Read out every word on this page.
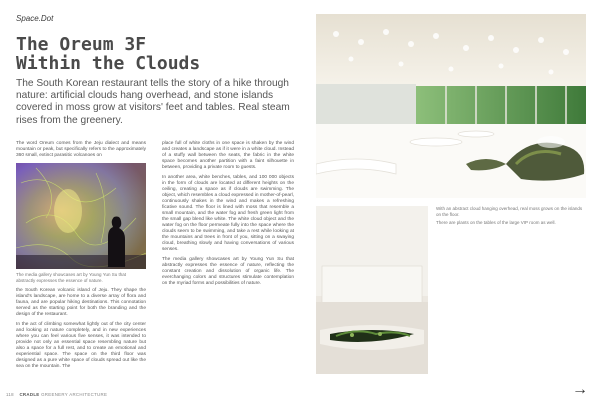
Space.Dot
The Oreum 3F
Within the Clouds
The South Korean restaurant tells the story of a hike through nature: artificial clouds hang overhead, and stone islands covered in moss grow at visitors' feet and tables. Real steam rises from the greenery.

The word Oreum comes from the Jeju dialect and means mountain or peak, but specifically refers to the approximately 360 small, extinct parasitic volcanoes on

The media gallery showcases art by Young Yun Su that abstractly expresses the essence of nature.

the South Korean volcanic island of Jeju. They shape the island's landscape, are home to a diverse array of flora and fauna, and are popular hiking destinations. This connotation served as the starting point for both the branding and the design of the restaurant.

In the act of climbing somewhat lightly out of the city center and looking at nature completely, and in new experiences where you can feel various five senses, it was intended to provide not only an essential space resembling nature but also a space for a full rest, and to create an emotional and experiential space. The space on the third floor was designed as a pure white space of clouds spread out like the sea on the mountain. The

place full of white cloths in one space is shaken by the wind and creates a landscape as if it were in a white cloud. Instead of a stuffy wall between the seats, the fabric in the white space becomes another partition with a faint silhouette in between, providing a private room to guests.

In another area, white benches, tables, and 100 000 objects in the form of clouds are located at different heights on the ceiling, creating a space as if clouds are swimming. The object, which resembles a cloud expressed in mother-of-pearl, continuously shakes in the wind and makes a refreshing ficative sound. The floor is lined with moss that resemble a small mountain, and the water fog and fresh green light from the small gap blend like white. The white cloud object and the water fog on the floor permeate fully into the space where the clouds seem to be swimming, and take a rest while looking at the mountains and trees in front of you, sitting on a swaying cloud, breathing slowly and having conversations of various senses.

The media gallery showcases art by Young Yun Su that abstractly expresses the essence of nature, reflecting the constant creation and dissolution of organic life. The everchanging colors and structures stimulate contemplation on the myriad forms and possibilities of nature.

With an abstract cloud hanging overhead, real moss grows on the islands on the floor.

There are plants on the tables of the large VIP room as well.

118 CRADLE GREENERY ARCHITECTURE	→
